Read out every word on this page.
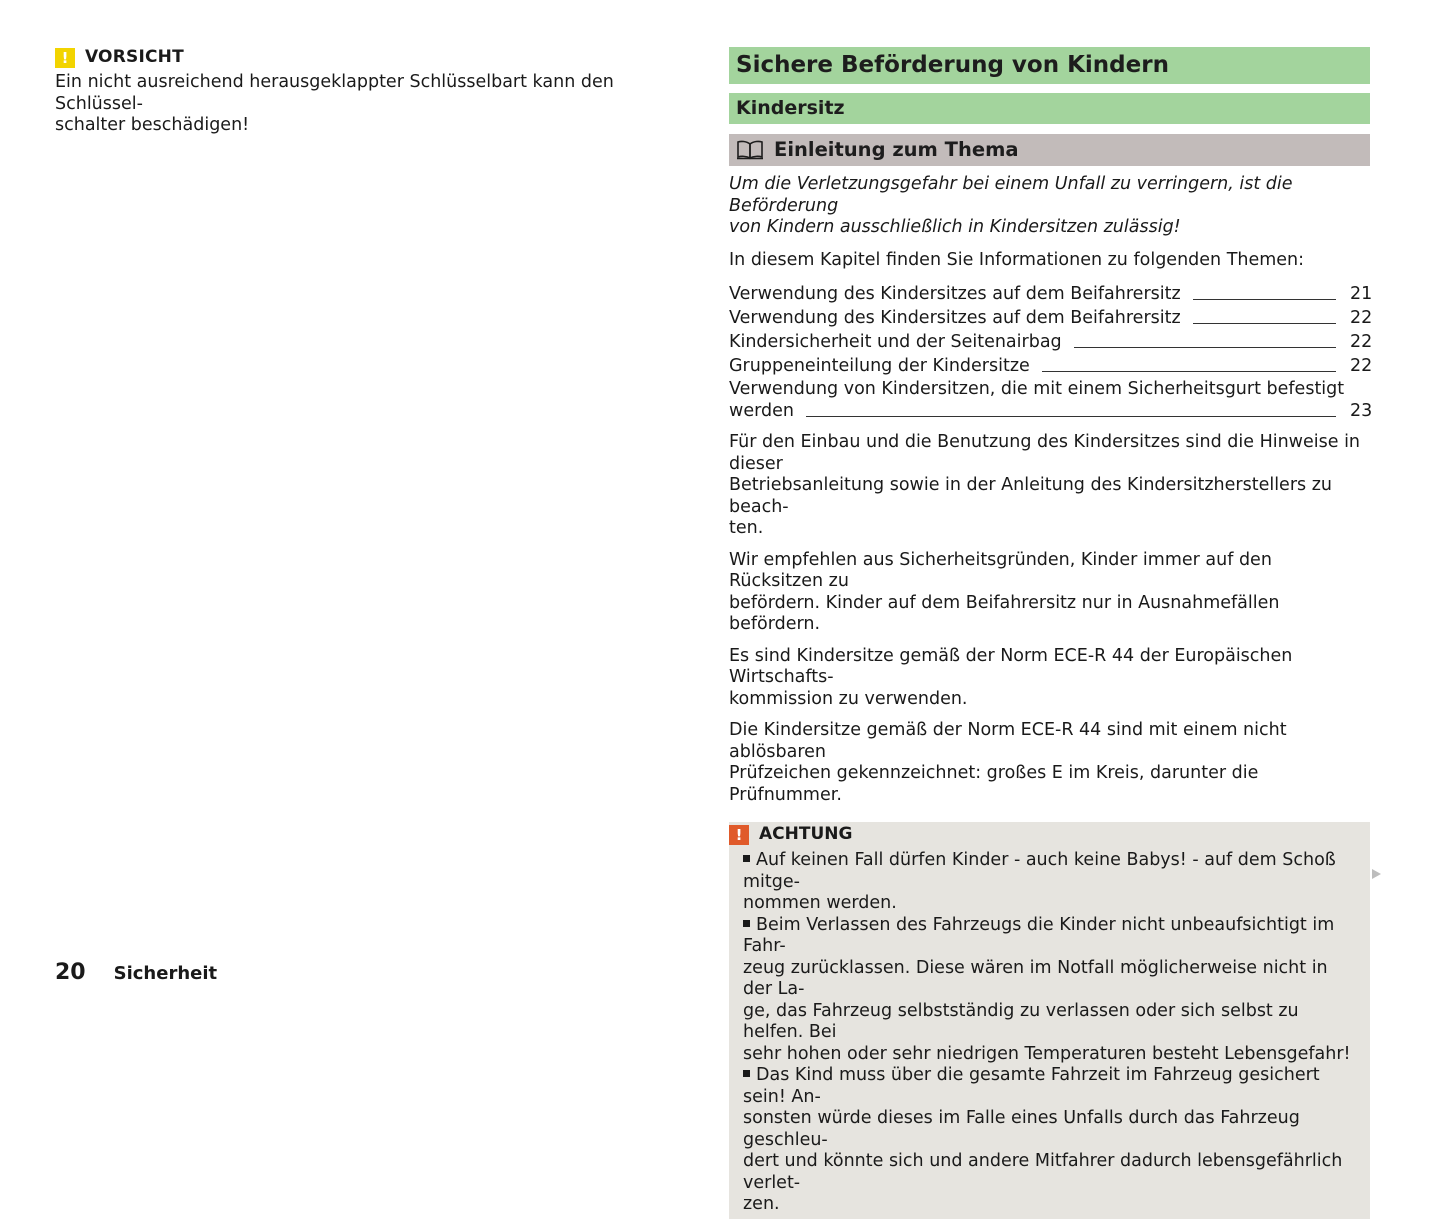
! VORSICHT
Ein nicht ausreichend herausgeklappter Schlüsselbart kann den Schlüssel-
schalter beschädigen!
Sichere Beförderung von Kindern
Kindersitz
Einleitung zum Thema
Um die Verletzungsgefahr bei einem Unfall zu verringern, ist die Beförderung
von Kindern ausschließlich in Kindersitzen zulässig!

In diesem Kapitel finden Sie Informationen zu folgenden Themen:

Verwendung des Kindersitzes auf dem Beifahrersitz	21
Verwendung des Kindersitzes auf dem Beifahrersitz	22
Kindersicherheit und der Seitenairbag	22
Gruppeneinteilung der Kindersitze	22
Verwendung von Kindersitzen, die mit einem Sicherheitsgurt befestigt
werden	23

Für den Einbau und die Benutzung des Kindersitzes sind die Hinweise in dieser
Betriebsanleitung sowie in der Anleitung des Kindersitzherstellers zu beach-
ten.

Wir empfehlen aus Sicherheitsgründen, Kinder immer auf den Rücksitzen zu
befördern. Kinder auf dem Beifahrersitz nur in Ausnahmefällen befördern.

Es sind Kindersitze gemäß der Norm ECE-R 44 der Europäischen Wirtschafts-
kommission zu verwenden.

Die Kindersitze gemäß der Norm ECE-R 44 sind mit einem nicht ablösbaren
Prüfzeichen gekennzeichnet: großes E im Kreis, darunter die Prüfnummer.

! ACHTUNG
Auf keinen Fall dürfen Kinder - auch keine Babys! - auf dem Schoß mitge-
nommen werden.
Beim Verlassen des Fahrzeugs die Kinder nicht unbeaufsichtigt im Fahr-
zeug zurücklassen. Diese wären im Notfall möglicherweise nicht in der La-
ge, das Fahrzeug selbstständig zu verlassen oder sich selbst zu helfen. Bei
sehr hohen oder sehr niedrigen Temperaturen besteht Lebensgefahr!
Das Kind muss über die gesamte Fahrzeit im Fahrzeug gesichert sein! An-
sonsten würde dieses im Falle eines Unfalls durch das Fahrzeug geschleu-
dert und könnte sich und andere Mitfahrer dadurch lebensgefährlich verlet-
zen.
20 Sicherheit
